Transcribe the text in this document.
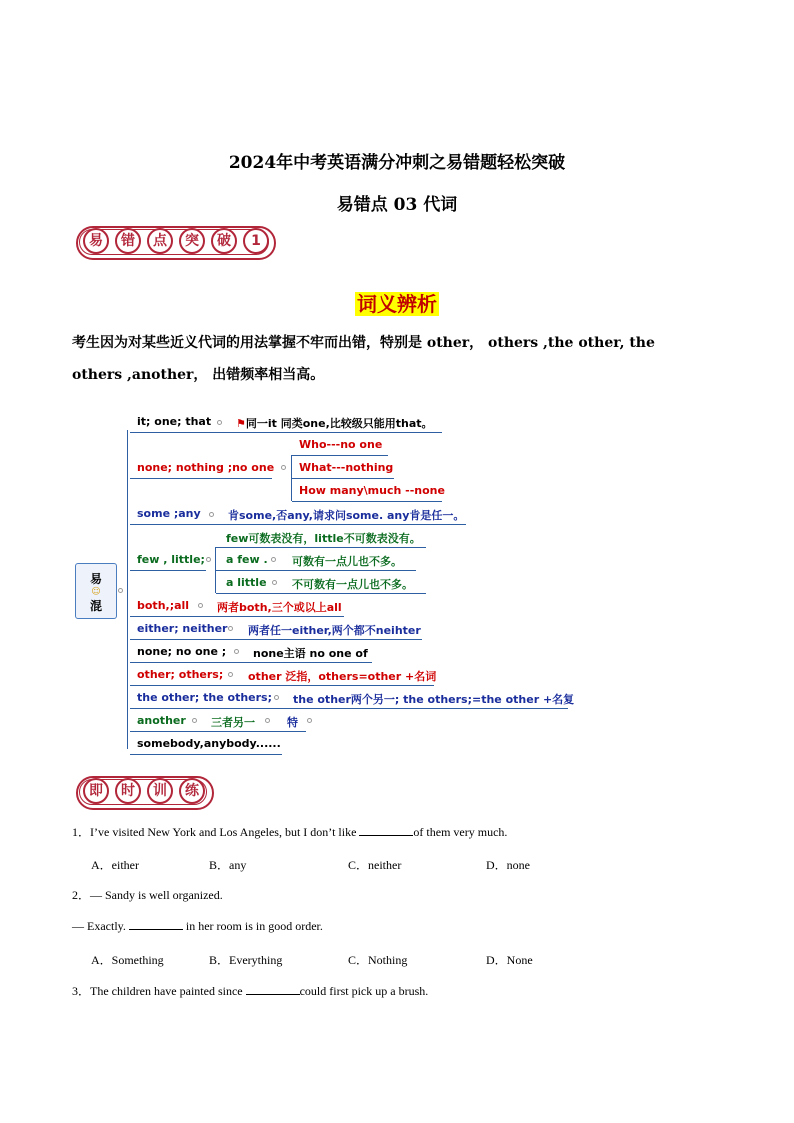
2024年中考英语满分冲刺之易错题轻松突破
易错点 03 代词
易	错	点	突	破	1
词义辨析
考生因为对某些近义代词的用法掌握不牢而出错，特别是 other， others ,the other, the
others ,another， 出错频率相当高。
易
☺
混
it; one; that ⚑同一it 同类one,比较级只能用that。
none; nothing ;no one
Who---no one
What---nothing
How many\much --none
some ;any 肯some,否any,请求问some. any肯是任一。
few , little;
few可数表没有，little不可数表没有。
a few . 可数有一点儿也不多。
a little 不可数有一点儿也不多。
both,;all	两者both,三个或以上all
either; neither 两者任一either,两个都不neihter
none; no one ; none主语 no one of
other; others; other 泛指，others=other +名词
the other; the others; the other两个另一; the others;=the other +名复
another 三者另一	特
somebody,anybody......
即	时	训	练
1．I’ve visited New York and Los Angeles, but I don’t like	of them very much.
A．either	B．any	C．neither	D．none
2．— Sandy is well organized.
— Exactly.	in her room is in good order.
A．Something	B．Everything	C．Nothing	D．None
3．The children have painted since	could first pick up a brush.
